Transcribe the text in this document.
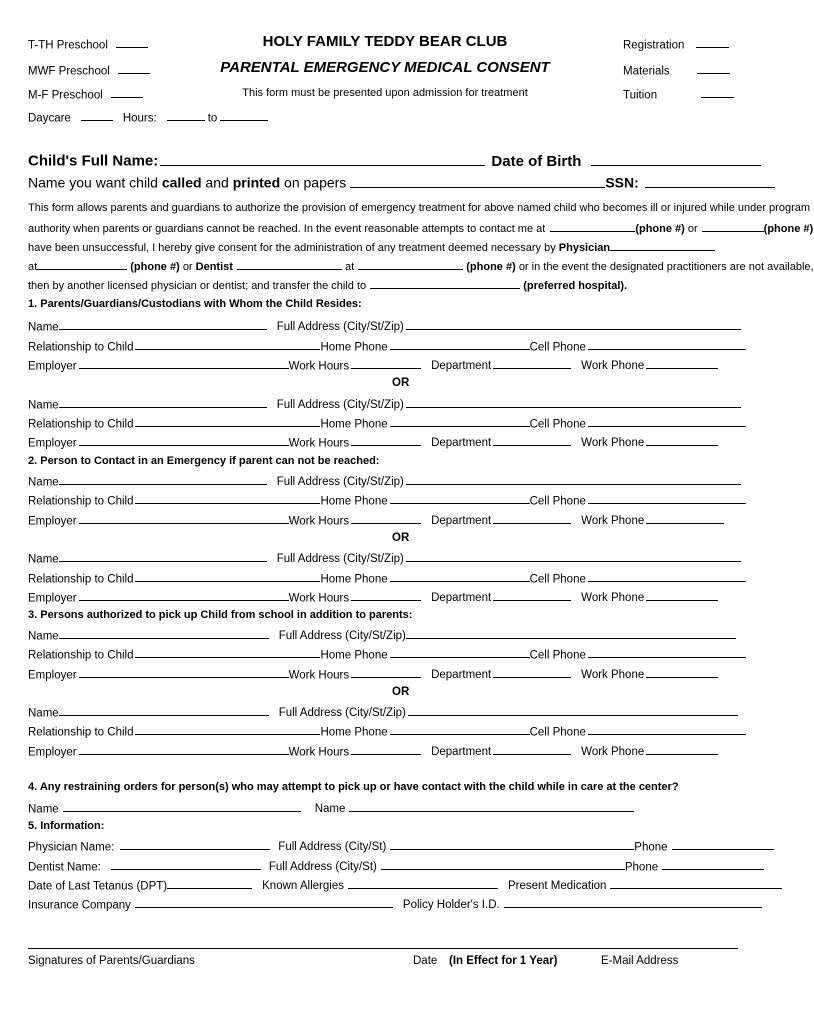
T-TH Preschool
MWF Preschool
M-F Preschool
Daycare	Hours:	to
HOLY FAMILY TEDDY BEAR CLUB
PARENTAL EMERGENCY MEDICAL CONSENT
This form must be presented upon admission for treatment
Registration
Materials
Tuition
Child's Full Name:	Date of Birth
Name you want child called and printed on papers	SSN:
This form allows parents and guardians to authorize the provision of emergency treatment for above named child who becomes ill or injured while under program
authority when parents or guardians cannot be reached. In the event reasonable attempts to contact me at	(phone #) or	(phone #)
have been unsuccessful, I hereby give consent for the administration of any treatment deemed necessary by Physician
at	(phone #) or Dentist	at	(phone #) or in the event the designated practitioners are not available,
then by another licensed physician or dentist; and transfer the child to	(preferred hospital).
1. Parents/Guardians/Custodians with Whom the Child Resides:
Name	Full Address (City/St/Zip)
Relationship to Child	Home Phone	Cell Phone
Employer	Work Hours	Department	Work Phone
OR
Name	Full Address (City/St/Zip)
Relationship to Child	Home Phone	Cell Phone
Employer	Work Hours	Department	Work Phone
2. Person to Contact in an Emergency if parent can not be reached:
Name	Full Address (City/St/Zip)
Relationship to Child	Home Phone	Cell Phone
Employer	Work Hours	Department	Work Phone
OR
Name	Full Address (City/St/Zip)
Relationship to Child	Home Phone	Cell Phone
Employer	Work Hours	Department	Work Phone
3. Persons authorized to pick up Child from school in addition to parents:
Name	Full Address (City/St/Zip)
Relationship to Child	Home Phone	Cell Phone
Employer	Work Hours	Department	Work Phone
OR
Name	Full Address (City/St/Zip)
Relationship to Child	Home Phone	Cell Phone
Employer	Work Hours	Department	Work Phone
4. Any restraining orders for person(s) who may attempt to pick up or have contact with the child while in care at the center?
Name	Name
5. Information:
Physician Name:	Full Address (City/St)	Phone
Dentist Name:	Full Address (City/St)	Phone
Date of Last Tetanus (DPT)	Known Allergies	Present Medication
Insurance Company	Policy Holder's I.D.
Signatures of Parents/Guardians	Date (In Effect for 1 Year)	E-Mail Address
